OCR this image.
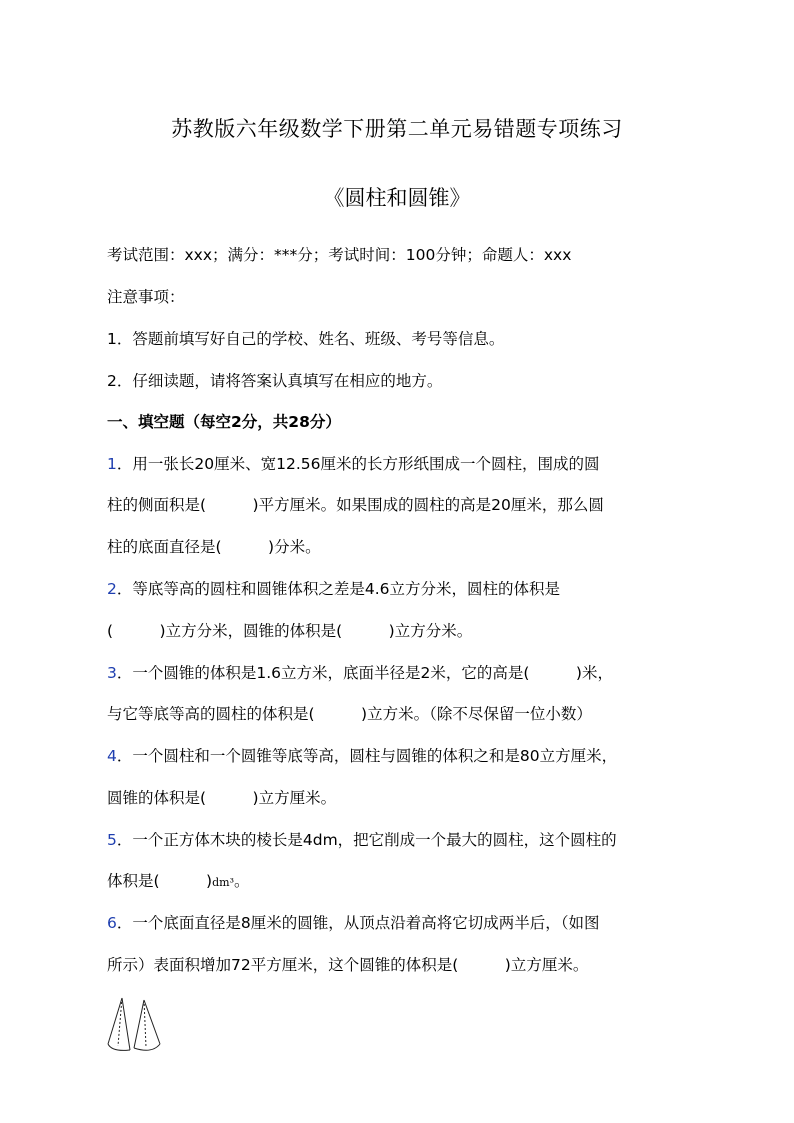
苏教版六年级数学下册第二单元易错题专项练习
《圆柱和圆锥》
考试范围：xxx；满分：***分；考试时间：100分钟；命题人：xxx
注意事项：
1．答题前填写好自己的学校、姓名、班级、考号等信息。
2．仔细读题，请将答案认真填写在相应的地方。
一、填空题（每空2分，共28分）
1．用一张长20厘米、宽12.56厘米的长方形纸围成一个圆柱，围成的圆
柱的侧面积是(　　　)平方厘米。如果围成的圆柱的高是20厘米，那么圆
柱的底面直径是(　　　)分米。
2．等底等高的圆柱和圆锥体积之差是4.6立方分米，圆柱的体积是
(　　　)立方分米，圆锥的体积是(　　　)立方分米。
3．一个圆锥的体积是1.6立方米，底面半径是2米，它的高是(　　　)米，
与它等底等高的圆柱的体积是(　　　)立方米。（除不尽保留一位小数）
4．一个圆柱和一个圆锥等底等高，圆柱与圆锥的体积之和是80立方厘米，
圆锥的体积是(　　　)立方厘米。
5．一个正方体木块的棱长是4dm，把它削成一个最大的圆柱，这个圆柱的
体积是(　　　)dm³。
6．一个底面直径是8厘米的圆锥，从顶点沿着高将它切成两半后，（如图
所示）表面积增加72平方厘米，这个圆锥的体积是(　　　)立方厘米。
